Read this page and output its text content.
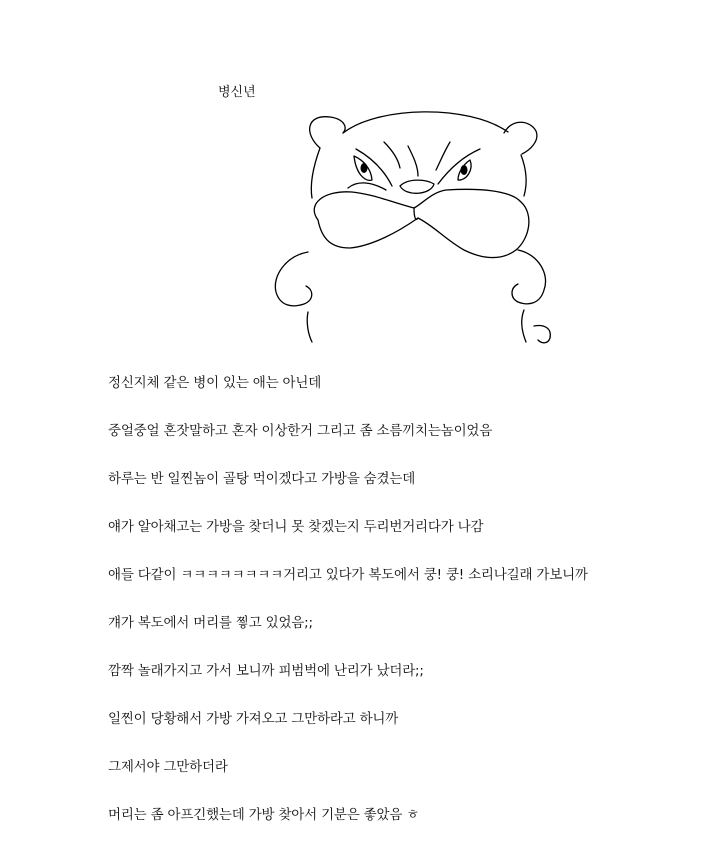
병신년
정신지체 같은 병이 있는 애는 아닌데
중얼중얼 혼잣말하고 혼자 이상한거 그리고 좀 소름끼치는놈이었음
하루는 반 일찐놈이 골탕 먹이겠다고 가방을 숨겼는데
얘가 알아채고는 가방을 찾더니 못 찾겠는지 두리번거리다가 나감
애들 다같이 ㅋㅋㅋㅋㅋㅋㅋㅋ거리고 있다가 복도에서 쿵! 쿵! 소리나길래 가보니까
걔가 복도에서 머리를 찧고 있었음;;
깜짝 놀래가지고 가서 보니까 피범벅에 난리가 났더라;;
일찐이 당황해서 가방 가져오고 그만하라고 하니까
그제서야 그만하더라
머리는 좀 아프긴했는데 가방 찾아서 기분은 좋았음 ㅎ
